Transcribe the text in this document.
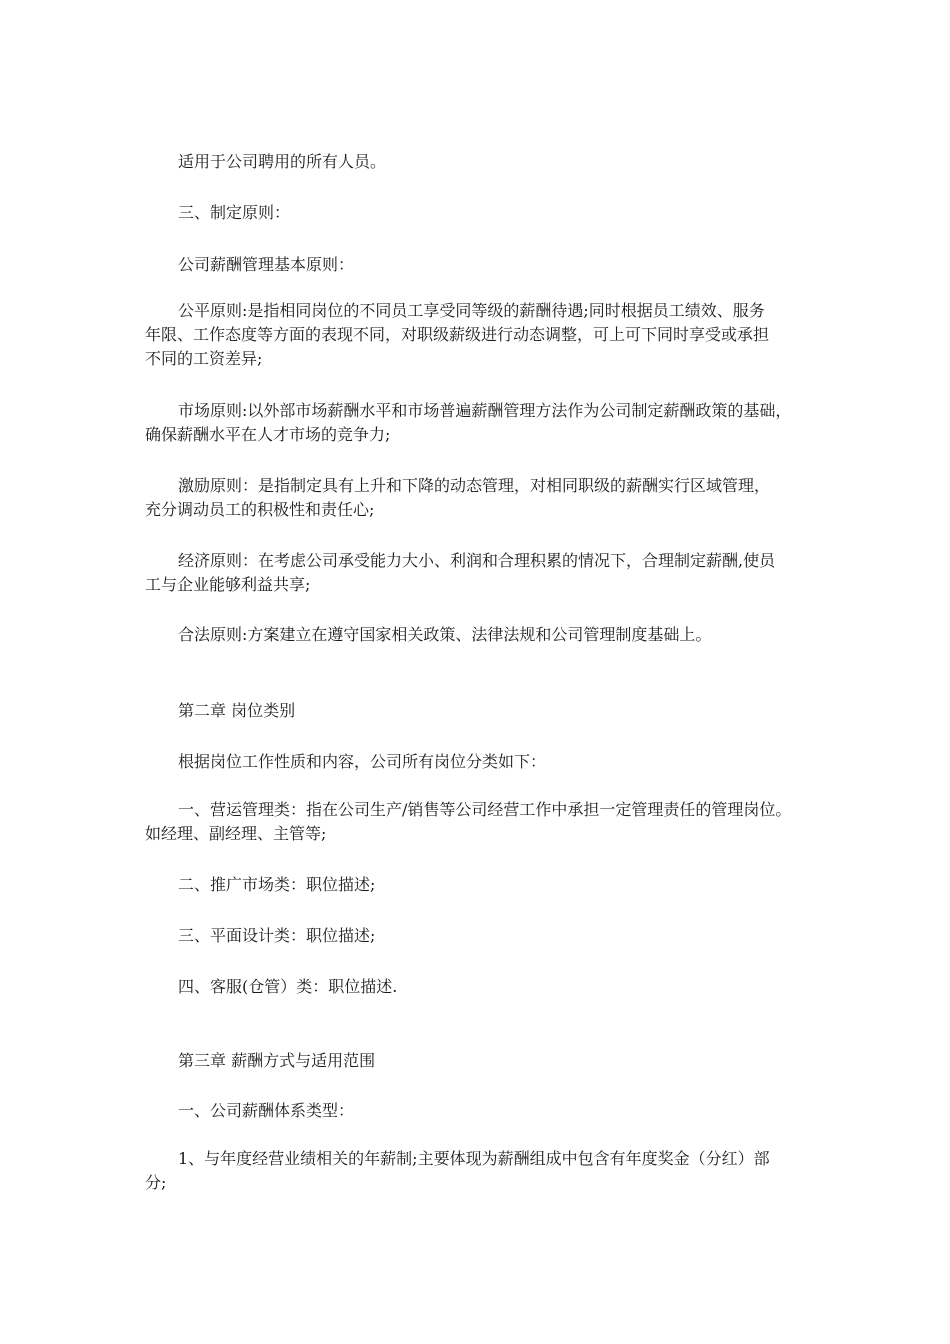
适用于公司聘用的所有人员。

三、制定原则：

公司薪酬管理基本原则：

公平原则:是指相同岗位的不同员工享受同等级的薪酬待遇;同时根据员工绩效、服务
年限、工作态度等方面的表现不同，对职级薪级进行动态调整，可上可下同时享受或承担
不同的工资差异;
市场原则:以外部市场薪酬水平和市场普遍薪酬管理方法作为公司制定薪酬政策的基础，
确保薪酬水平在人才市场的竞争力;
激励原则：是指制定具有上升和下降的动态管理，对相同职级的薪酬实行区域管理，
充分调动员工的积极性和责任心;
经济原则：在考虑公司承受能力大小、利润和合理积累的情况下，合理制定薪酬,使员
工与企业能够利益共享;

合法原则:方案建立在遵守国家相关政策、法律法规和公司管理制度基础上。

第二章 岗位类别

根据岗位工作性质和内容，公司所有岗位分类如下：

一、营运管理类：指在公司生产/销售等公司经营工作中承担一定管理责任的管理岗位。
如经理、副经理、主管等;

二、推广市场类：职位描述;

三、平面设计类：职位描述;

四、客服(仓管）类：职位描述.

第三章 薪酬方式与适用范围

一、公司薪酬体系类型：

1、与年度经营业绩相关的年薪制;主要体现为薪酬组成中包含有年度奖金（分红）部
分;
